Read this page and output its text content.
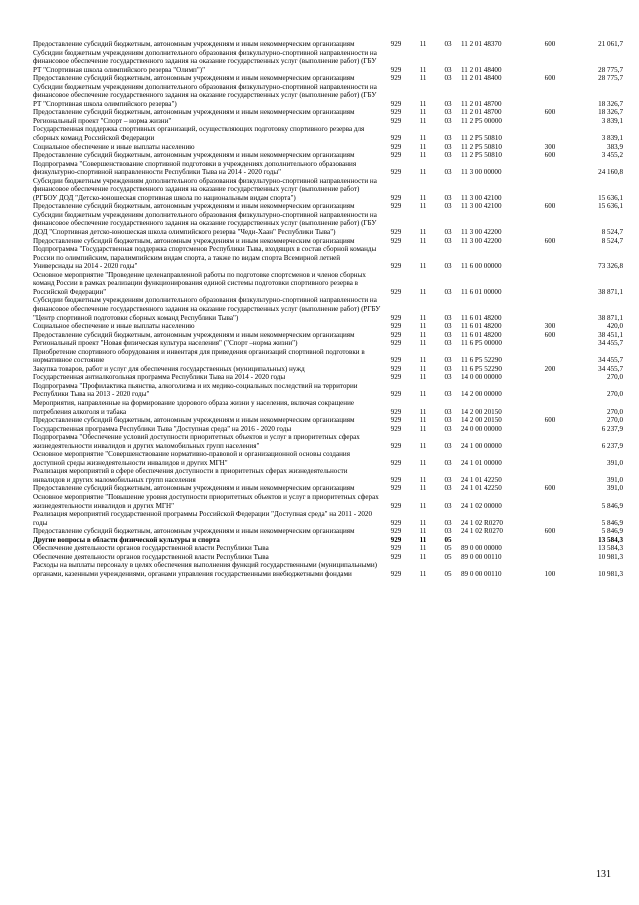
Предоставление субсидий бюджетным, автономным учреждениям и иным некоммерческим организациям	929	11	03	11 2 01 48370	600	21 061,7
Субсидии бюджетным учреждениям дополнительного образования физкультурно-спортивной направленности на финансовое обеспечение государственного задания на оказание государственных услуг (выполнение работ) (ГБУ РТ "Спортивная школа олимпийского резерва "Олимп")"	929	11	03	11 2 01 48400		28 775,7
Предоставление субсидий бюджетным, автономным учреждениям и иным некоммерческим организациям	929	11	03	11 2 01 48400	600	28 775,7
Субсидии бюджетным учреждениям дополнительного образования физкультурно-спортивной направленности на финансовое обеспечение государственного задания на оказание государственных услуг (выполнение работ) (ГБУ РТ "Спортивная школа олимпийского резерва")	929	11	03	11 2 01 48700		18 326,7
Предоставление субсидий бюджетным, автономным учреждениям и иным некоммерческим организациям	929	11	03	11 2 01 48700	600	18 326,7
Региональный проект "Спорт – норма жизни"	929	11	03	11 2 P5 00000		3 839,1
Государственная поддержка спортивных организаций, осуществляющих подготовку спортивного резерва для сборных команд Российской Федерации	929	11	03	11 2 P5 50810		3 839,1
Социальное обеспечение и иные выплаты населению	929	11	03	11 2 P5 50810	300	383,9
Предоставление субсидий бюджетным, автономным учреждениям и иным некоммерческим организациям	929	11	03	11 2 P5 50810	600	3 455,2
Подпрограмма "Совершенствование спортивной подготовки в учреждениях дополнительного образования физкультурно-спортивной направленности Республики Тыва на 2014 - 2020 годы"	929	11	03	11 3 00 00000		24 160,8
Субсидии бюджетным учреждениям дополнительного образования физкультурно-спортивной направленности на финансовое обеспечение государственного задания на оказание государственных услуг (выполнение работ) (РГБОУ ДОД "Детско-юношеская спортивная школа по национальным видам спорта")	929	11	03	11 3 00 42100		15 636,1
Предоставление субсидий бюджетным, автономным учреждениям и иным некоммерческим организациям	929	11	03	11 3 00 42100	600	15 636,1
Субсидии бюджетным учреждениям дополнительного образования физкультурно-спортивной направленности на финансовое обеспечение государственного задания на оказание государственных услуг (выполнение работ) (ГБУ ДОД "Спортивная детско-юношеская школа олимпийского резерва "Чеди-Хаан" Республики Тыва")	929	11	03	11 3 00 42200		8 524,7
Предоставление субсидий бюджетным, автономным учреждениям и иным некоммерческим организациям	929	11	03	11 3 00 42200	600	8 524,7
Подпрограмма "Государственная поддержка спортсменов Республики Тыва, входящих в состав сборной команды России по олимпийским, паралимпийским видам спорта, а также по видам спорта Всемирной летней Универсиады на 2014 - 2020 годы"	929	11	03	11 6 00 00000		73 326,8
Основное мероприятие "Проведение целенаправленной работы по подготовке спортсменов и членов сборных команд России в рамках реализации функционирования единой системы подготовки спортивного резерва в Российской Федерации"	929	11	03	11 6 01 00000		38 871,1
Субсидии бюджетным учреждениям дополнительного образования физкультурно-спортивной направленности на финансовое обеспечение государственного задания на оказание государственных услуг (выполнение работ) (РГБУ "Центр спортивной подготовки сборных команд Республики Тыва")	929	11	03	11 6 01 48200		38 871,1
Социальное обеспечение и иные выплаты населению	929	11	03	11 6 01 48200	300	420,0
Предоставление субсидий бюджетным, автономным учреждениям и иным некоммерческим организациям	929	11	03	11 6 01 48200	600	38 451,1
Региональный проект "Новая физическая культура населения" ("Спорт –норма жизни")	929	11	03	11 6 P5 00000		34 455,7
Приобретение спортивного оборудования и инвентаря для приведения организаций спортивной подготовки в нормативное состояние	929	11	03	11 6 P5 52290		34 455,7
Закупка товаров, работ и услуг для обеспечения государственных (муниципальных) нужд	929	11	03	11 6 P5 52290	200	34 455,7
Государственная антиалкогольная программа Республики Тыва на 2014 - 2020 годы	929	11	03	14 0 00 00000		270,0
Подпрограмма "Профилактика пьянства, алкоголизма и их медико-социальных последствий на территории Республики Тыва на 2013 - 2020 годы"	929	11	03	14 2 00 00000		270,0
Мероприятия, направленные на формирование здорового образа жизни у населения, включая сокращение потребления алкоголя и табака	929	11	03	14 2 00 20150		270,0
Предоставление субсидий бюджетным, автономным учреждениям и иным некоммерческим организациям	929	11	03	14 2 00 20150	600	270,0
Государственная программа Республики Тыва "Доступная среда" на 2016 - 2020 годы	929	11	03	24 0 00 00000		6 237,9
Подпрограмма "Обеспечение условий доступности приоритетных объектов и услуг в приоритетных сферах жизнедеятельности инвалидов и других маломобильных групп населения"	929	11	03	24 1 00 00000		6 237,9
Основное мероприятие "Совершенствование нормативно-правовой и организационной основы создания доступной среды жизнедеятельности инвалидов и других МГН"	929	11	03	24 1 01 00000		391,0
Реализация мероприятий в сфере обеспечения доступности в приоритетных сферах жизнедеятельности инвалидов и других маломобильных групп населения	929	11	03	24 1 01 42250		391,0
Предоставление субсидий бюджетным, автономным учреждениям и иным некоммерческим организациям	929	11	03	24 1 01 42250	600	391,0
Основное мероприятие "Повышение уровня доступности приоритетных объектов и услуг в приоритетных сферах жизнедеятельности инвалидов и других МГН"	929	11	03	24 1 02 00000		5 846,9
Реализация мероприятий государственной программы Российской Федерации "Доступная среда" на 2011 - 2020 годы	929	11	03	24 1 02 R0270		5 846,9
Предоставление субсидий бюджетным, автономным учреждениям и иным некоммерческим организациям	929	11	03	24 1 02 R0270	600	5 846,9
Другие вопросы в области физической культуры и спорта	929	11	05			13 584,3
Обеспечение деятельности органов государственной власти Республики Тыва	929	11	05	89 0 00 00000		13 584,3
Обеспечение деятельности органов государственной власти Республики Тыва	929	11	05	89 0 00 00110		10 981,3
Расходы на выплаты персоналу в целях обеспечения выполнения функций государственными (муниципальными) органами, казенными учреждениями, органами управления государственными внебюджетными фондами	929	11	05	89 0 00 00110	100	10 981,3
131
